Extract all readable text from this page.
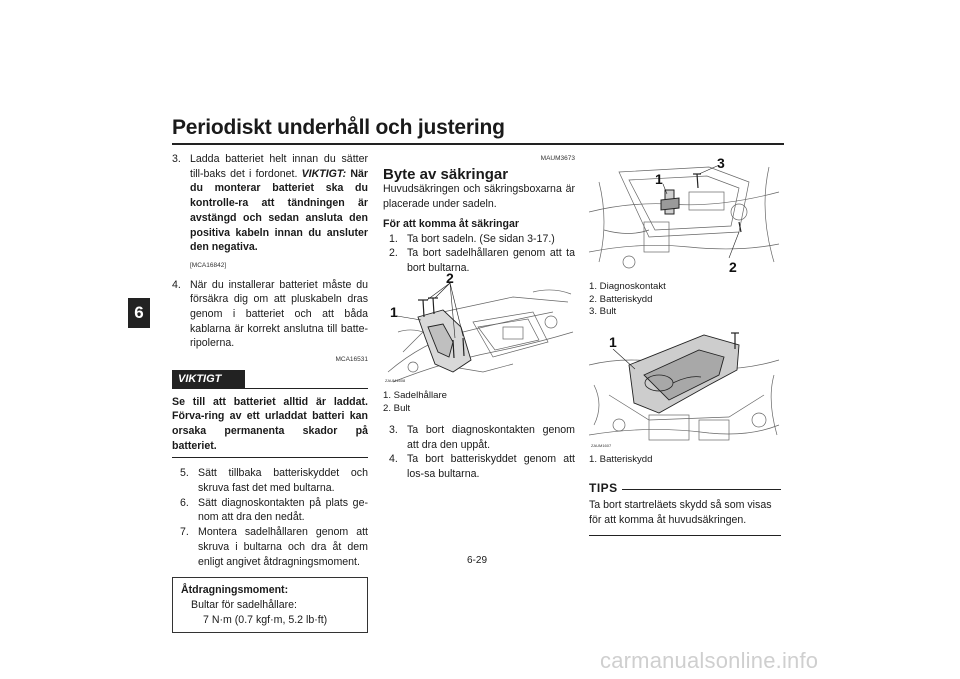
Periodiskt underhåll och justering
6
3. Ladda batteriet helt innan du sätter till-baks det i fordonet. VIKTIGT: När du monterar batteriet ska du kontrolle-ra att tändningen är avstängd och sedan ansluta den positiva kabeln innan du ansluter den negativa.
[MCA16842]
4. När du installerar batteriet måste du försäkra dig om att pluskabeln dras genom i batteriet och att båda kablarna är korrekt anslutna till batte-ripolerna.
MCA16531
VIKTIGT

Se till att batteriet alltid är laddat. Förva-ring av ett urladdat batteri kan orsaka permanenta skador på batteriet.

5. Sätt tillbaka batteriskyddet och skruva fast det med bultarna.
6. Sätt diagnoskontakten på plats ge-nom att dra den nedåt.
7. Montera sadelhållaren genom att skruva i bultarna och dra åt dem enligt angivet åtdragningsmoment.
Åtdragningsmoment:
Bultar för sadelhållare:
7 N·m (0.7 kgf·m, 5.2 lb·ft)
MAUM3673
Byte av säkringar

Huvudsäkringen och säkringsboxarna är placerade under sadeln.

För att komma åt säkringar

1. Ta bort sadeln. (Se sidan 3-17.)
2. Ta bort sadelhållaren genom att ta bort bultarna.
1
2
ZAUM1608
1. Sadelhållare
2. Bult
3. Ta bort diagnoskontakten genom att dra den uppåt.
4. Ta bort batteriskyddet genom att los-sa bultarna.
1
3
2
1. Diagnoskontakt
2. Batteriskydd
3. Bult
1
ZAUM1607
1. Batteriskydd
TIPS

Ta bort startreläets skydd så som visas för att komma åt huvudsäkringen.

6-29
carmanualsonline.info
